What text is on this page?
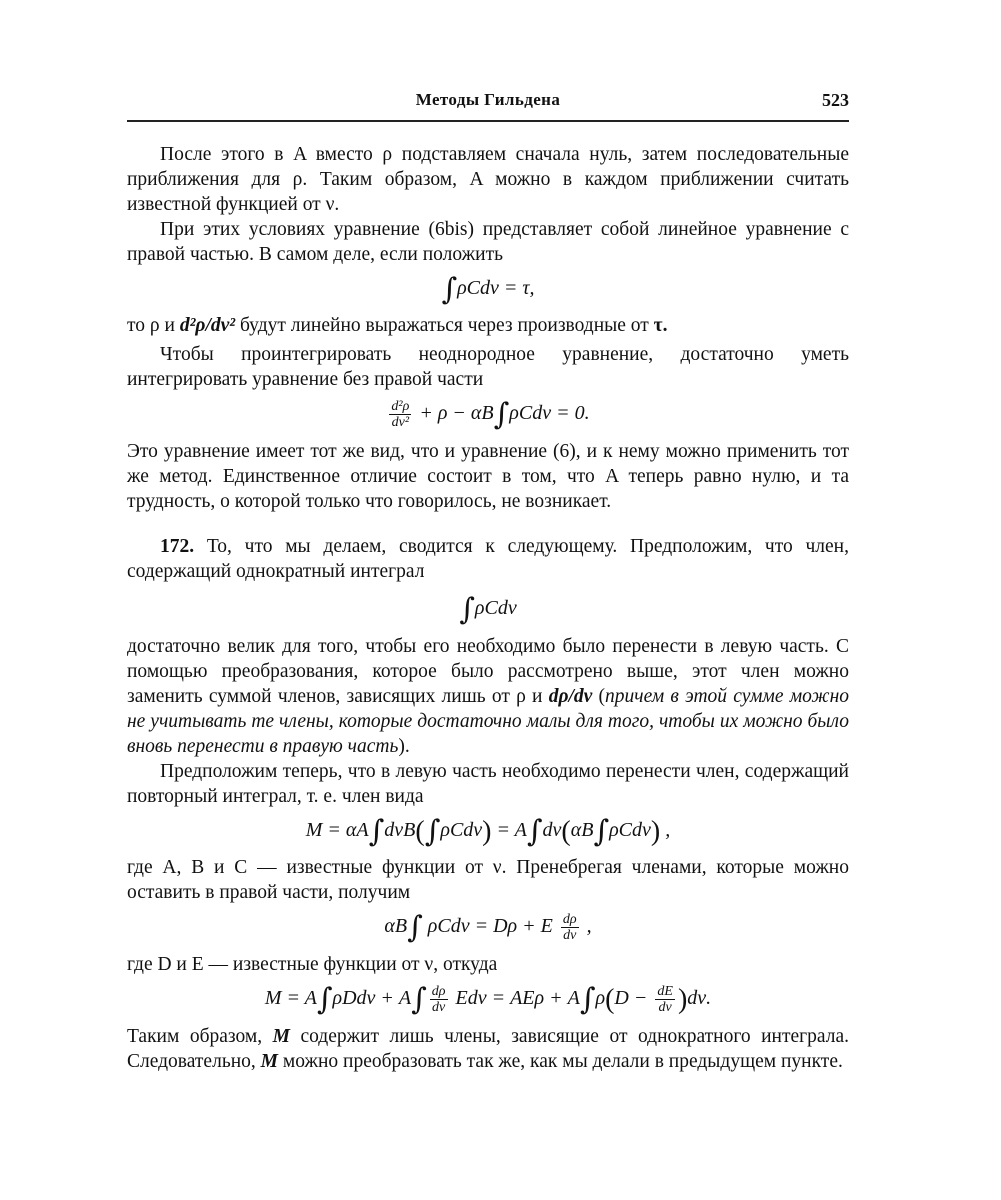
Методы Гильдена	523

После этого в A вместо ρ подставляем сначала нуль, затем последовательные приближения для ρ. Таким образом, A можно в каждом приближении считать известной функцией от ν.

При этих условиях уравнение (6bis) представляет собой линейное уравнение с правой частью. В самом деле, если положить

∫ρCdν = τ,

то ρ и d²ρ/dν² будут линейно выражаться через производные от τ.

Чтобы проинтегрировать неоднородное уравнение, достаточно уметь интегрировать уравнение без правой части

$\frac{\text{d²ρ}}{\text{dν²}} + \rho - \alpha B\int\rho Cd\nu = 0$.

Это уравнение имеет тот же вид, что и уравнение (6), и к нему можно применить тот же метод. Единственное отличие состоит в том, что A теперь равно нулю, и та трудность, о которой только что говорилось, не возникает.

172. То, что мы делаем, сводится к следующему. Предположим, что член, содержащий однократный интеграл

∫ρCdν

достаточно велик для того, чтобы его необходимо было перенести в левую часть. С помощью преобразования, которое было рассмотрено выше, этот член можно заменить суммой членов, зависящих лишь от ρ и dρ/dν (причем в этой сумме можно не учитывать те члены, которые достаточно малы для того, чтобы их можно было вновь перенести в правую часть).

Предположим теперь, что в левую часть необходимо перенести член, содержащий повторный интеграл, т. е. член вида

M = αA∫dνB(∫ρCdν) = A∫dν(αB∫ρCdν) ,

где A, B и C — известные функции от ν. Пренебрегая членами, которые можно оставить в правой части, получим

αB∫ ρCdν = Dρ + E $\frac{d\rho}{d\nu}$ ,

где D и E — известные функции от ν, откуда

$M = A\int\rho Dd\nu + A\int \frac{d\rho}{d\nu}$ $Ed\nu = AE\rho + A\int\rho(D - \frac{dE}{d\nu} )d\nu$.

Таким образом, M содержит лишь члены, зависящие от однократного интеграла. Следовательно, M можно преобразовать так же, как мы делали в предыдущем пункте.
